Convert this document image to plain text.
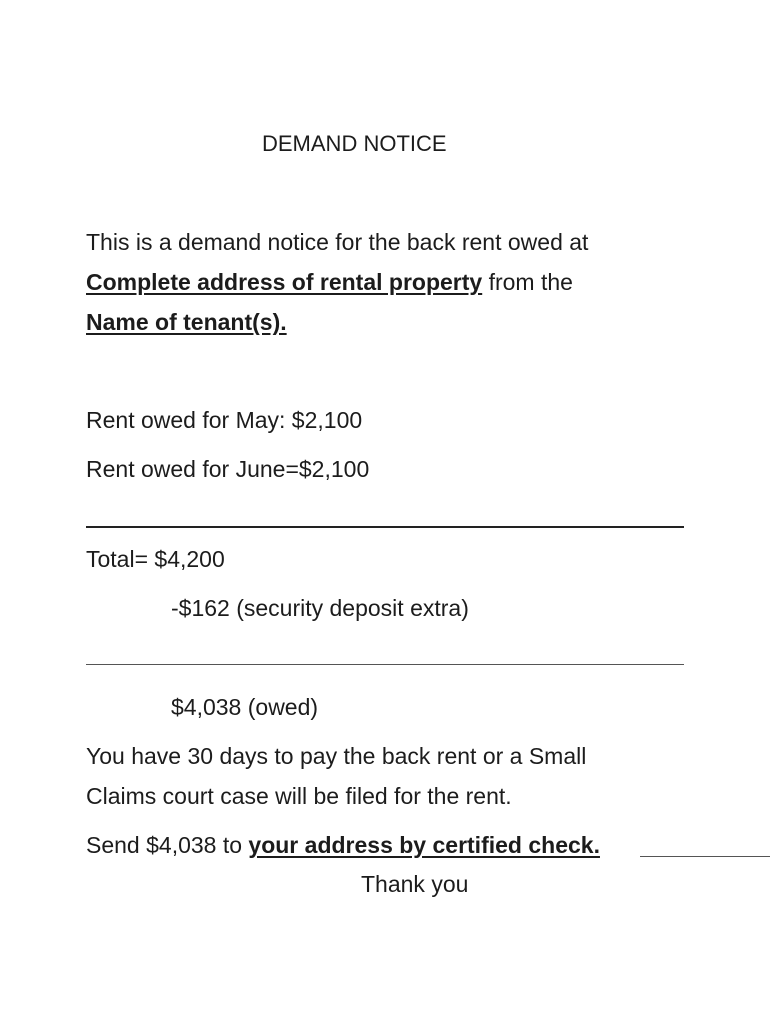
DEMAND NOTICE
This is a demand notice for the back rent owed at
Complete address of rental property from the
Name of tenant(s).
Rent owed for May: $2,100
Rent owed for June=$2,100
Total= $4,200
-$162 (security deposit extra)
$4,038 (owed)
You have 30 days to pay the back rent or a Small
Claims court case will be filed for the rent.
Send $4,038 to your address by certified check.
Thank you
